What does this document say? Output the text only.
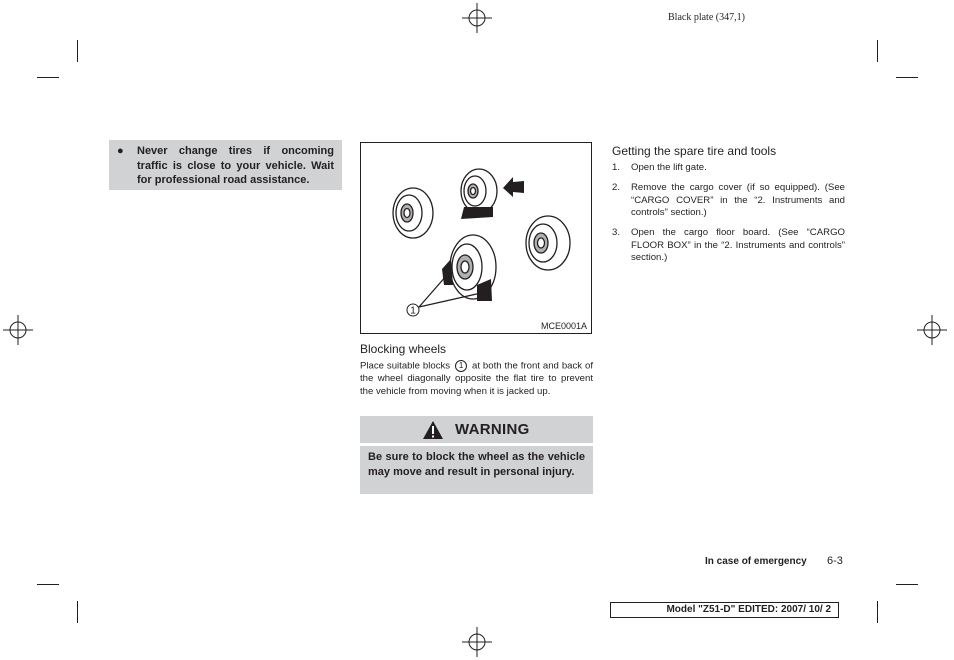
Black plate (347,1)
● Never change tires if oncoming traffic is close to your vehicle. Wait for professional road assistance.
1
MCE0001A
Blocking wheels
Place suitable blocks 1 at both the front and back of the wheel diagonally opposite the flat tire to prevent the vehicle from moving when it is jacked up.
WARNING
Be sure to block the wheel as the vehicle may move and result in personal injury.
Getting the spare tire and tools
1. Open the lift gate.
2. Remove the cargo cover (if so equipped). (See “CARGO COVER” in the “2. Instruments and controls” section.)
3. Open the cargo floor board. (See “CARGO FLOOR BOX” in the “2. Instruments and controls” section.)
In case of emergency 6-3
Model "Z51-D" EDITED: 2007/ 10/ 2
